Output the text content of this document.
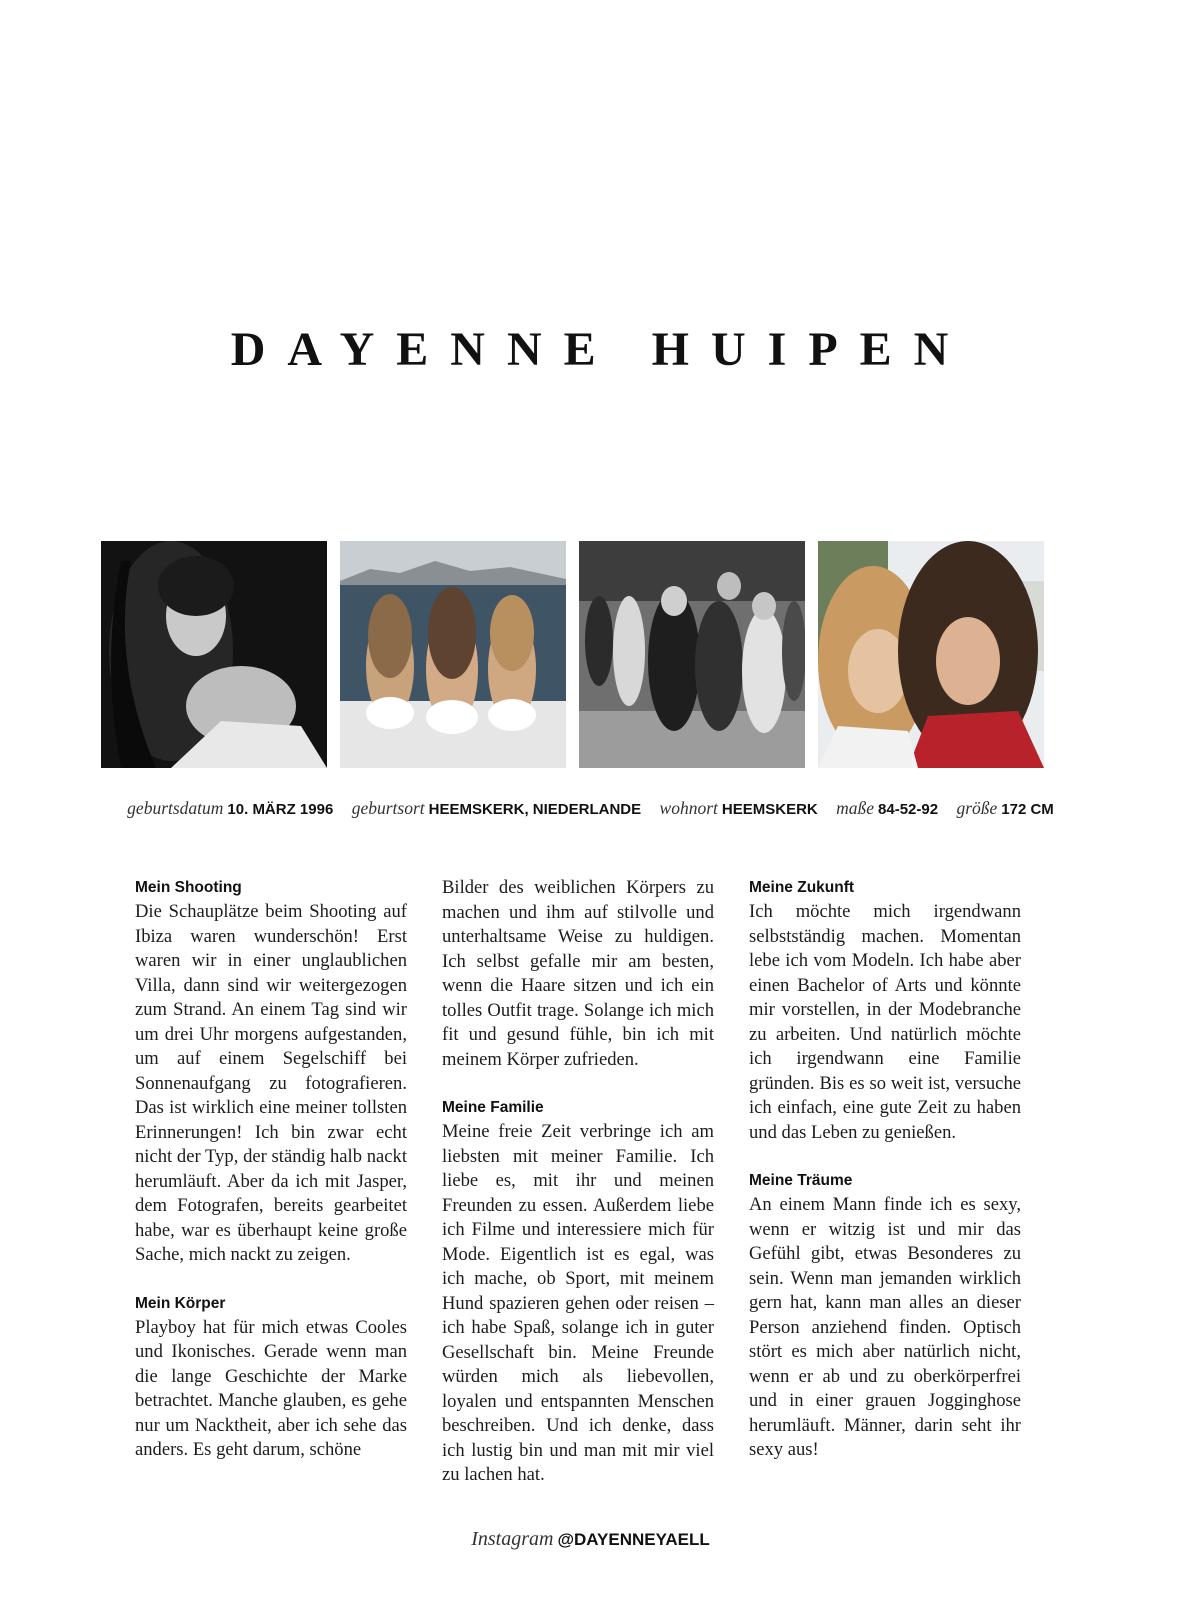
DAYENNE HUIPEN
geburtsdatum 10. MÄRZ 1996 geburtsort HEEMSKERK, NIEDERLANDE wohnort HEEMSKERK maße 84-52-92 größe 172 CM
Mein Shooting

Die Schauplätze beim Shooting auf Ibiza waren wunderschön! Erst waren wir in einer unglaublichen Villa, dann sind wir weitergezogen zum Strand. An einem Tag sind wir um drei Uhr morgens aufgestanden, um auf einem Segelschiff bei Sonnenaufgang zu fotografieren. Das ist wirklich eine meiner tollsten Erinnerungen! Ich bin zwar echt nicht der Typ, der ständig halb nackt herumläuft. Aber da ich mit Jasper, dem Fotografen, bereits gearbeitet habe, war es überhaupt keine große Sache, mich nackt zu zeigen.

Mein Körper

Playboy hat für mich etwas Cooles und Ikonisches. Gerade wenn man die lange Geschichte der Marke betrachtet. Manche glauben, es gehe nur um Nacktheit, aber ich sehe das anders. Es geht darum, schöne

Bilder des weiblichen Körpers zu machen und ihm auf stilvolle und unterhaltsame Weise zu huldigen. Ich selbst gefalle mir am besten, wenn die Haare sitzen und ich ein tolles Outfit trage. Solange ich mich fit und gesund fühle, bin ich mit meinem Körper zufrieden.

Meine Familie

Meine freie Zeit verbringe ich am liebsten mit meiner Familie. Ich liebe es, mit ihr und meinen Freunden zu essen. Außerdem liebe ich Filme und interessiere mich für Mode. Eigentlich ist es egal, was ich mache, ob Sport, mit meinem Hund spazieren gehen oder reisen – ich habe Spaß, solange ich in guter Gesellschaft bin. Meine Freunde würden mich als liebevollen, loyalen und entspannten Menschen beschreiben. Und ich denke, dass ich lustig bin und man mit mir viel zu lachen hat.

Meine Zukunft

Ich möchte mich irgendwann selbstständig machen. Momentan lebe ich vom Modeln. Ich habe aber einen Bachelor of Arts und könnte mir vorstellen, in der Modebranche zu arbeiten. Und natürlich möchte ich irgendwann eine Familie gründen. Bis es so weit ist, versuche ich einfach, eine gute Zeit zu haben und das Leben zu genießen.

Meine Träume

An einem Mann finde ich es sexy, wenn er witzig ist und mir das Gefühl gibt, etwas Besonderes zu sein. Wenn man jemanden wirklich gern hat, kann man alles an dieser Person anziehend finden. Optisch stört es mich aber natürlich nicht, wenn er ab und zu oberkörperfrei und in einer grauen Jogginghose herumläuft. Männer, darin seht ihr sexy aus!

Instagram @DAYENNEYAELL
